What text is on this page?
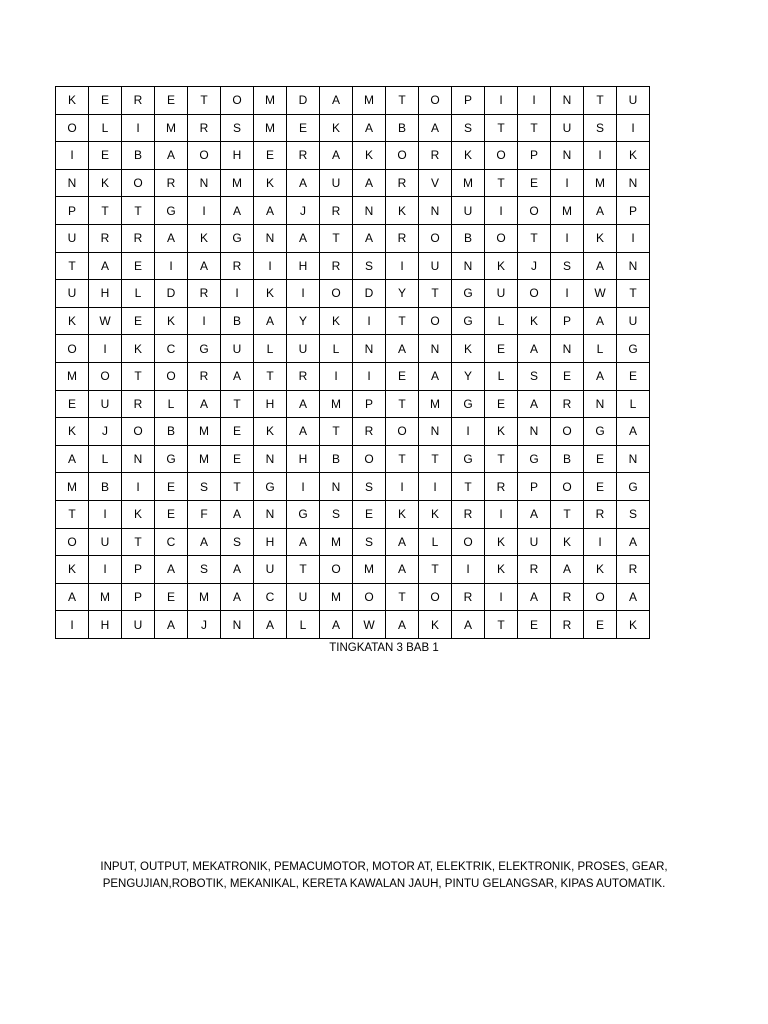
K	E	R	E	T	O	M	D	A	M	T	O	P	I	I	N	T	U
O	L	I	M	R	S	M	E	K	A	B	A	S	T	T	U	S	I
I	E	B	A	O	H	E	R	A	K	O	R	K	O	P	N	I	K
N	K	O	R	N	M	K	A	U	A	R	V	M	T	E	I	M	N
P	T	T	G	I	A	A	J	R	N	K	N	U	I	O	M	A	P
U	R	R	A	K	G	N	A	T	A	R	O	B	O	T	I	K	I
T	A	E	I	A	R	I	H	R	S	I	U	N	K	J	S	A	N
U	H	L	D	R	I	K	I	O	D	Y	T	G	U	O	I	W	T
K	W	E	K	I	B	A	Y	K	I	T	O	G	L	K	P	A	U
O	I	K	C	G	U	L	U	L	N	A	N	K	E	A	N	L	G
M	O	T	O	R	A	T	R	I	I	E	A	Y	L	S	E	A	E
E	U	R	L	A	T	H	A	M	P	T	M	G	E	A	R	N	L
K	J	O	B	M	E	K	A	T	R	O	N	I	K	N	O	G	A
A	L	N	G	M	E	N	H	B	O	T	T	G	T	G	B	E	N
M	B	I	E	S	T	G	I	N	S	I	I	T	R	P	O	E	G
T	I	K	E	F	A	N	G	S	E	K	K	R	I	A	T	R	S
O	U	T	C	A	S	H	A	M	S	A	L	O	K	U	K	I	A
K	I	P	A	S	A	U	T	O	M	A	T	I	K	R	A	K	R
A	M	P	E	M	A	C	U	M	O	T	O	R	I	A	R	O	A
I	H	U	A	J	N	A	L	A	W	A	K	A	T	E	R	E	K
TINGKATAN 3 BAB 1
INPUT, OUTPUT, MEKATRONIK, PEMACUMOTOR, MOTOR AT, ELEKTRIK, ELEKTRONIK, PROSES, GEAR,
PENGUJIAN,ROBOTIK, MEKANIKAL, KERETA KAWALAN JAUH, PINTU GELANGSAR, KIPAS AUTOMATIK.
